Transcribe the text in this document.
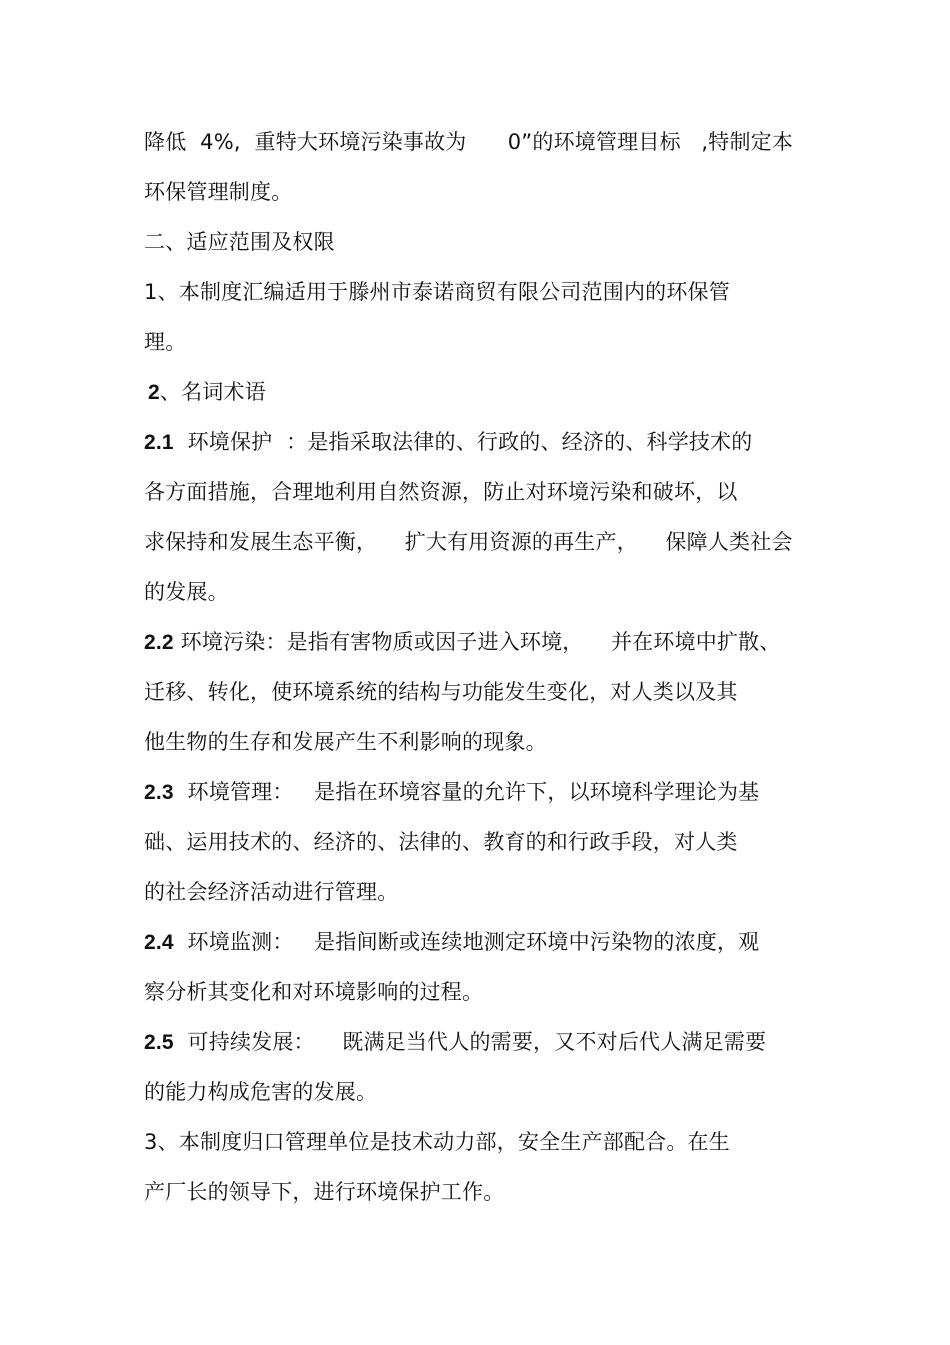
降低  4%,  重特大环境污染事故为      0”的环境管理目标   ,特制定本
环保管理制度。
二、适应范围及权限
1、本制度汇编适用于滕州市泰诺商贸有限公司范围内的环保管
理。
2、名词术语
2.1 环境保护  ：是指采取法律的、行政的、经济的、科学技术的
各方面措施，合理地利用自然资源，防止对环境污染和破坏，以
求保持和发展生态平衡，    扩大有用资源的再生产，    保障人类社会
的发展。
2.2 环境污染：是指有害物质或因子进入环境，    并在环境中扩散、
迁移、转化，使环境系统的结构与功能发生变化，对人类以及其
他生物的生存和发展产生不利影响的现象。
2.3  环境管理：   是指在环境容量的允许下，以环境科学理论为基
础、运用技术的、经济的、法律的、教育的和行政手段，对人类
的社会经济活动进行管理。
2.4  环境监测：   是指间断或连续地测定环境中污染物的浓度，观
察分析其变化和对环境影响的过程。
2.5  可持续发展：    既满足当代人的需要，又不对后代人满足需要
的能力构成危害的发展。
3、本制度归口管理单位是技术动力部，安全生产部配合。在生
产厂长的领导下，进行环境保护工作。
